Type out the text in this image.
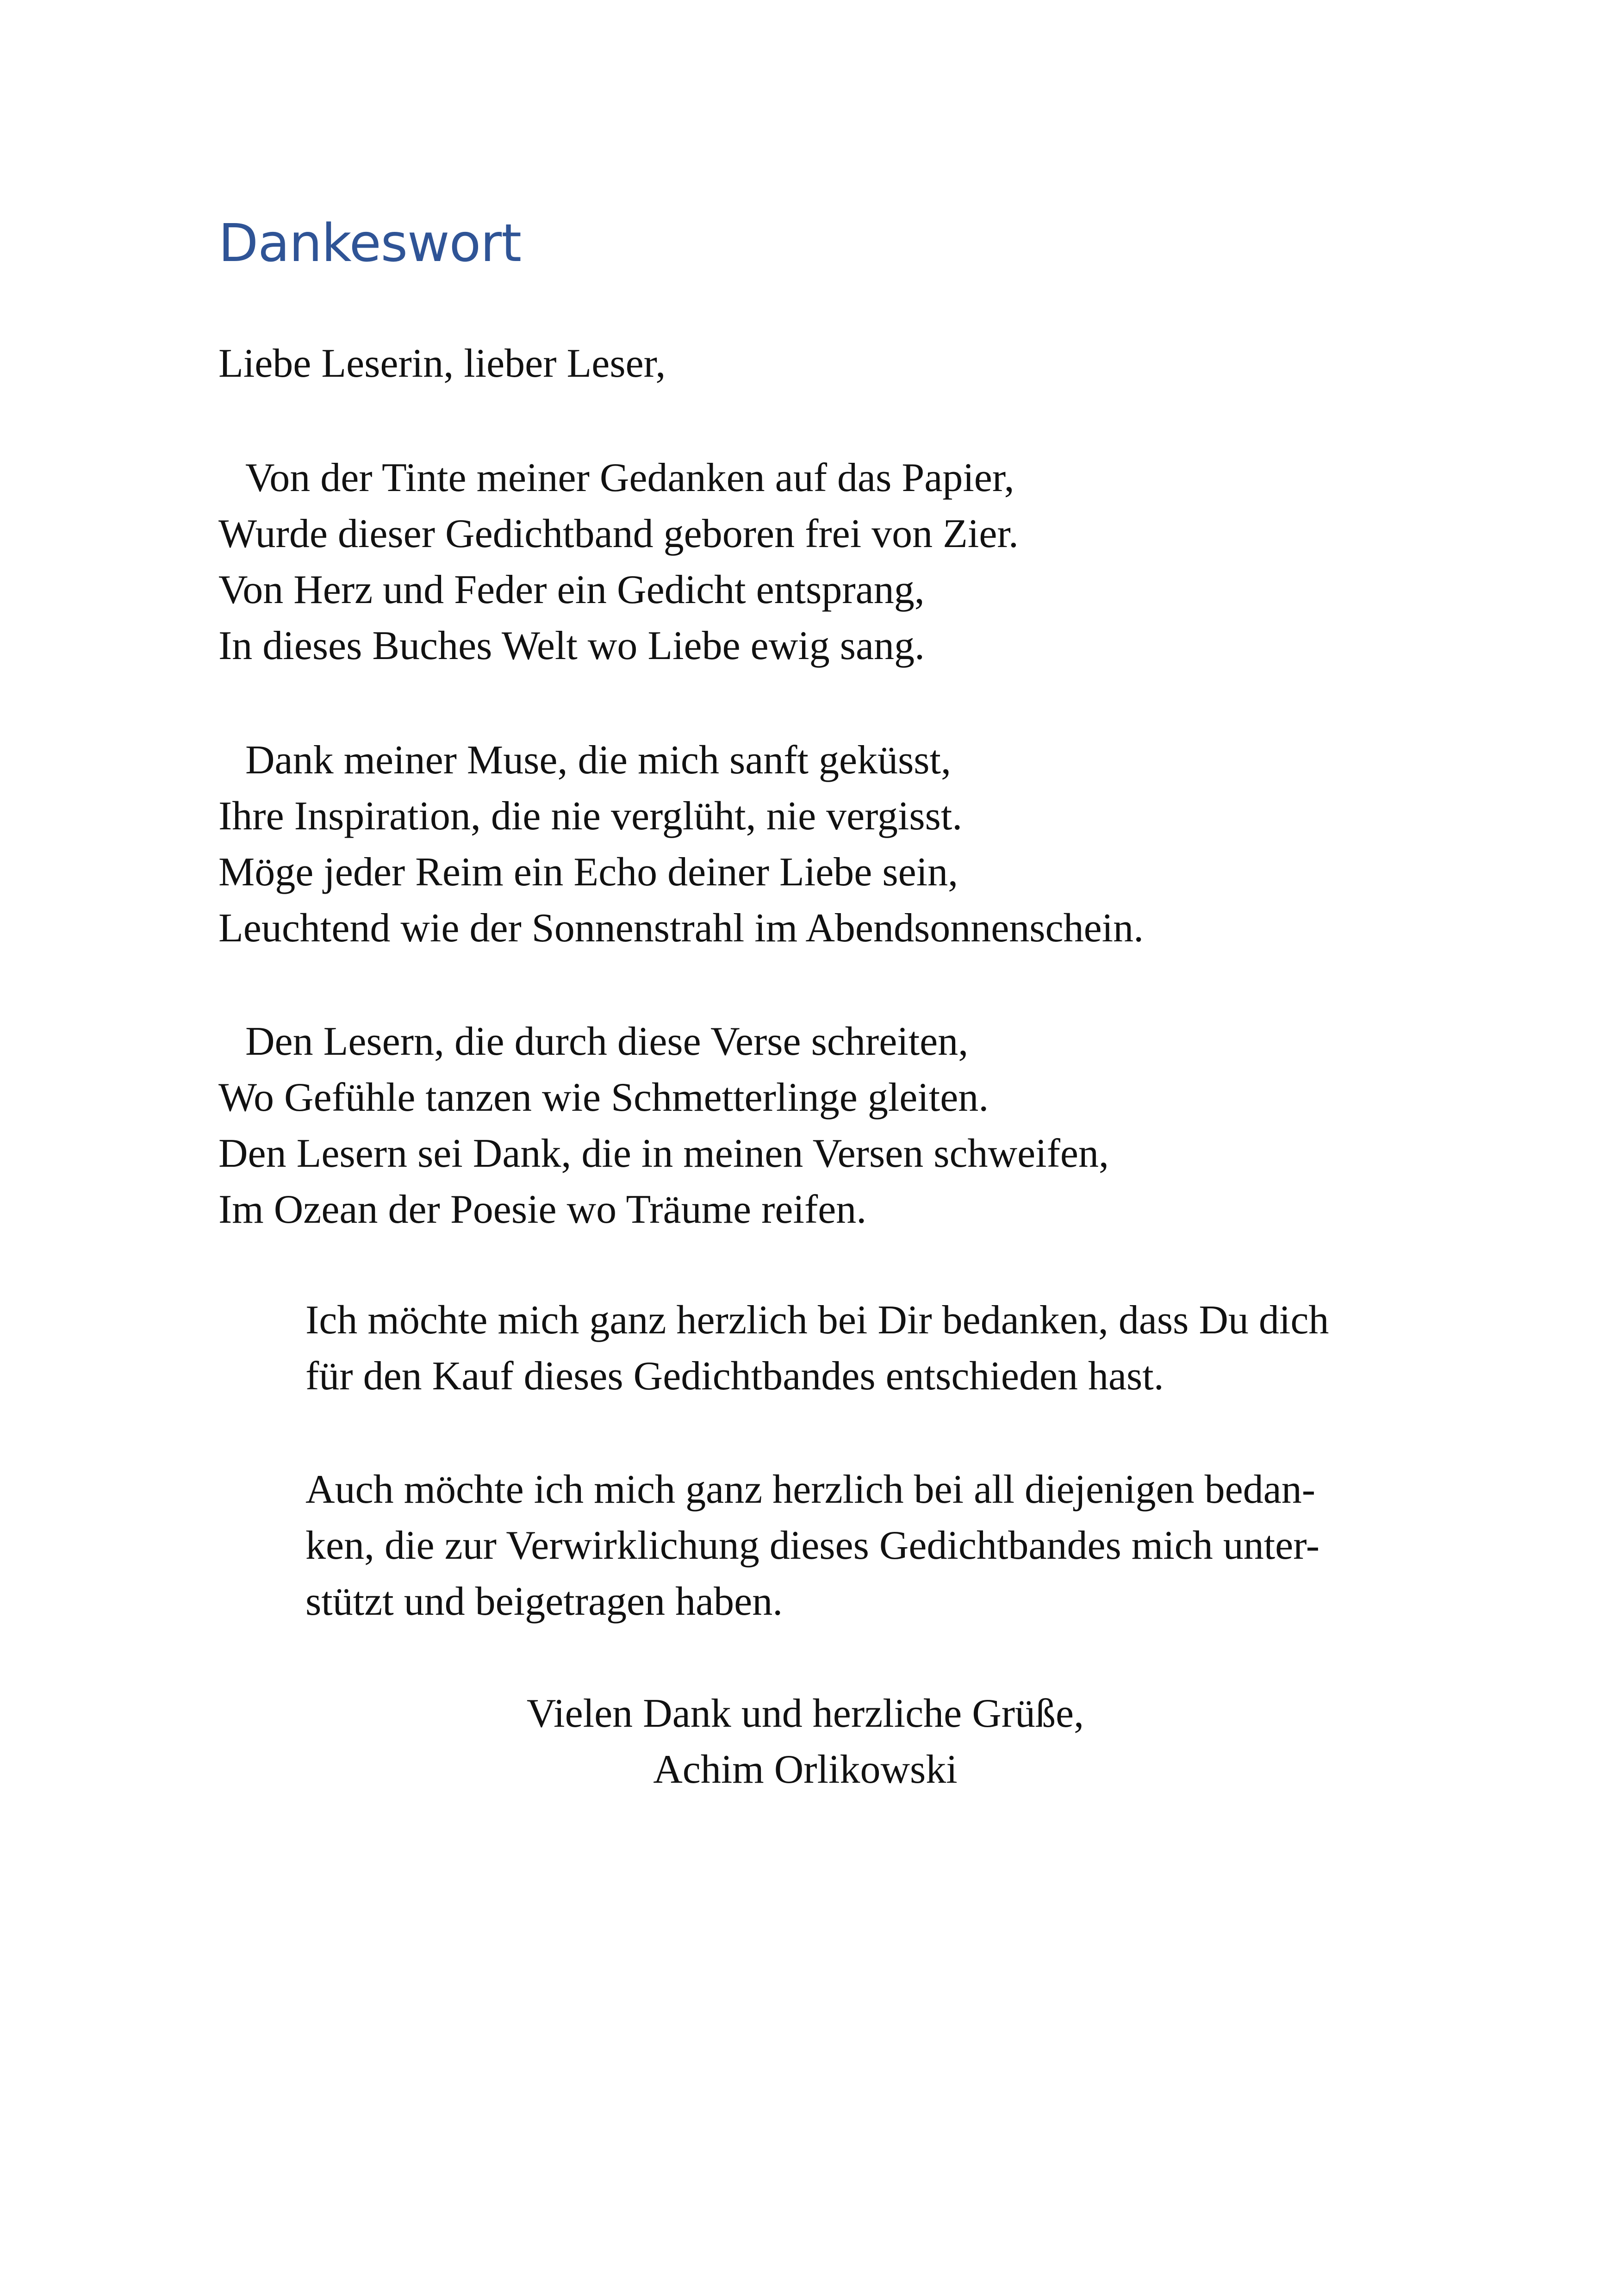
Dankeswort

Liebe Leserin, lieber Leser,

Von der Tinte meiner Gedanken auf das Papier,
Wurde dieser Gedichtband geboren frei von Zier.
Von Herz und Feder ein Gedicht entsprang,
In dieses Buches Welt wo Liebe ewig sang.
Dank meiner Muse, die mich sanft geküsst,
Ihre Inspiration, die nie verglüht, nie vergisst.
Möge jeder Reim ein Echo deiner Liebe sein,
Leuchtend wie der Sonnenstrahl im Abendsonnenschein.
Den Lesern, die durch diese Verse schreiten,
Wo Gefühle tanzen wie Schmetterlinge gleiten.
Den Lesern sei Dank, die in meinen Versen schweifen,
Im Ozean der Poesie wo Träume reifen.
Ich möchte mich ganz herzlich bei Dir bedanken, dass Du dich
für den Kauf dieses Gedichtbandes entschieden hast.
Auch möchte ich mich ganz herzlich bei all diejenigen bedan-
ken, die zur Verwirklichung dieses Gedichtbandes mich unter-
stützt und beigetragen haben.
Vielen Dank und herzliche Grüße,
Achim Orlikowski
